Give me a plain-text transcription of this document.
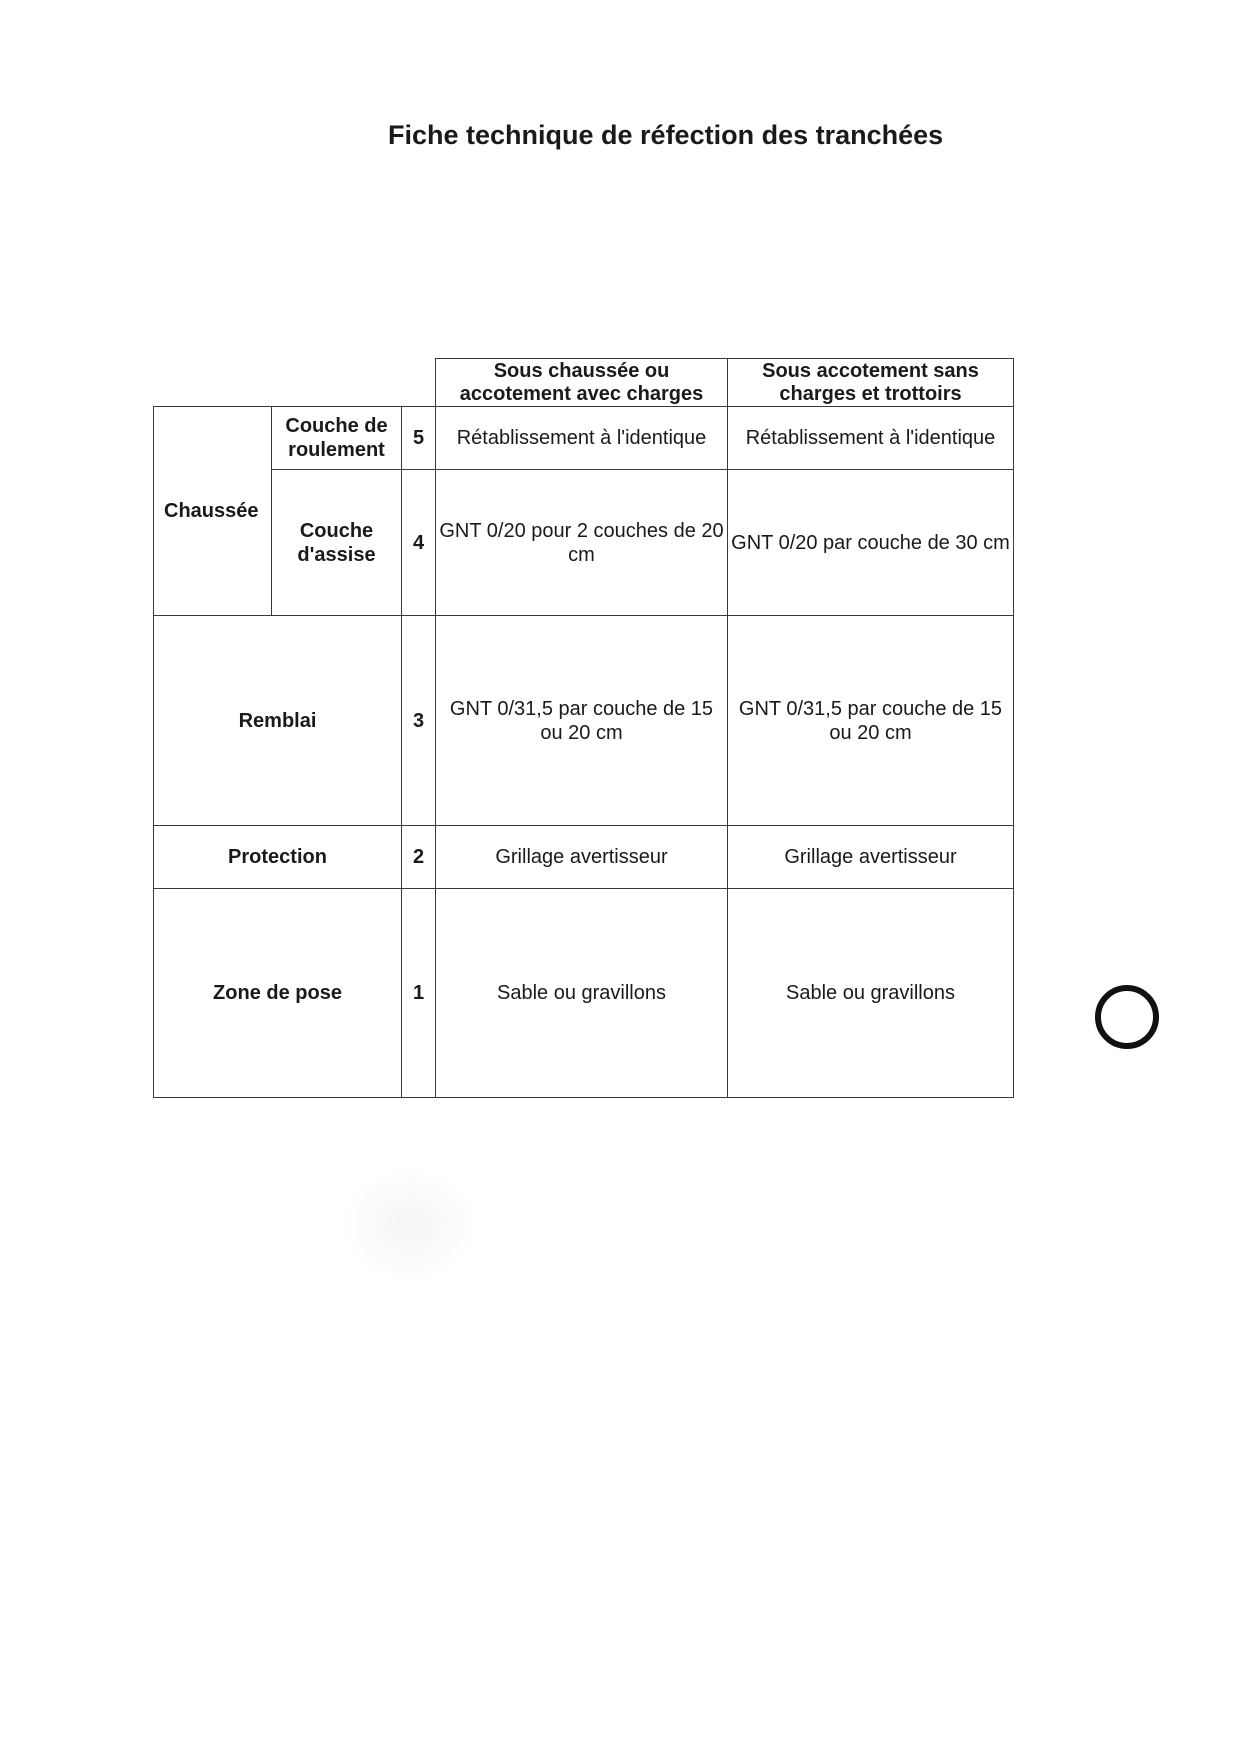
Fiche technique de réfection des tranchées
			Sous chaussée ou accotement avec charges	Sous accotement sans charges et trottoirs
Chaussée	Couche de roulement	5	Rétablissement à l'identique	Rétablissement à l'identique
	Couche d'assise	4	GNT 0/20 pour 2 couches de 20 cm	GNT 0/20 par couche de 30 cm
Remblai		3	GNT 0/31,5 par couche de 15 ou 20 cm	GNT 0/31,5 par couche de 15 ou 20 cm
Protection		2	Grillage avertisseur	Grillage avertisseur
Zone de pose		1	Sable ou gravillons	Sable ou gravillons
